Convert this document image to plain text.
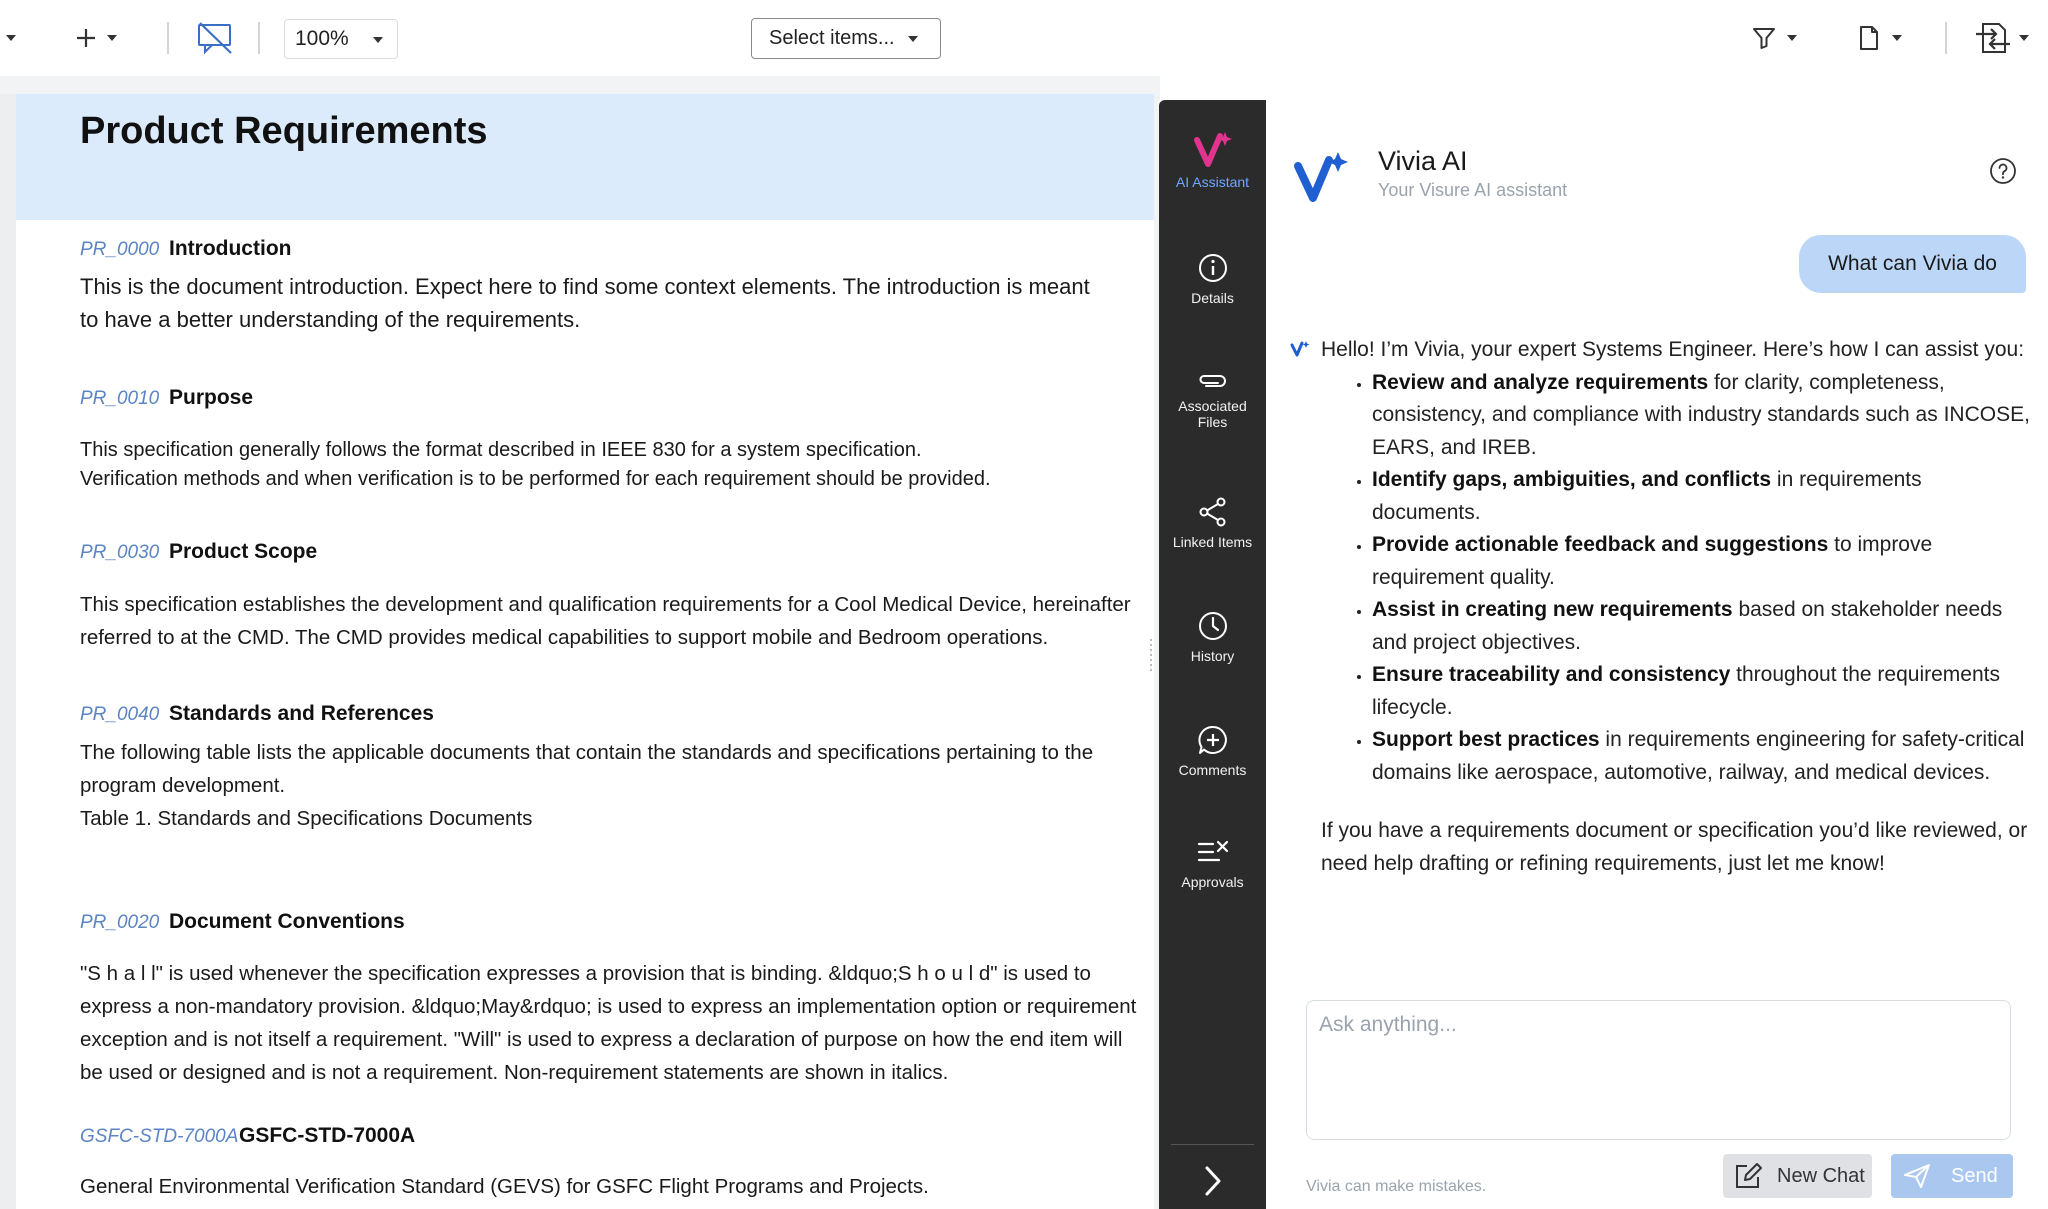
100%	Select items...
Product Requirements
PR_0000 Introduction
This is the document introduction. Expect here to find some context elements. The introduction is meant
to have a better understanding of the requirements.
PR_0010 Purpose
This specification generally follows the format described in IEEE 830 for a system specification.
Verification methods and when verification is to be performed for each requirement should be provided.
PR_0030 Product Scope
This specification establishes the development and qualification requirements for a Cool Medical Device, hereinafter
referred to at the CMD. The CMD provides medical capabilities to support mobile and Bedroom operations.
PR_0040 Standards and References
The following table lists the applicable documents that contain the standards and specifications pertaining to the
program development.
Table 1. Standards and Specifications Documents
PR_0020 Document Conventions
"S h a l l" is used whenever the specification expresses a provision that is binding. &ldquo;S h o u l d" is used to
express a non-mandatory provision. &ldquo;May&rdquo; is used to express an implementation option or requirement
exception and is not itself a requirement. "Will" is used to express a declaration of purpose on how the end item will
be used or designed and is not a requirement. Non-requirement statements are shown in italics.
GSFC-STD-7000A GSFC-STD-7000A
General Environmental Verification Standard (GEVS) for GSFC Flight Programs and Projects.
AI Assistant
Details
Associated Files
Linked Items
History
Comments
Approvals
Vivia AI
Your Visure AI assistant
What can Vivia do
Hello! I’m Vivia, your expert Systems Engineer. Here’s how I can assist you:
• Review and analyze requirements for clarity, completeness, consistency, and compliance with industry standards such as INCOSE, EARS, and IREB.
• Identify gaps, ambiguities, and conflicts in requirements documents.
• Provide actionable feedback and suggestions to improve requirement quality.
• Assist in creating new requirements based on stakeholder needs and project objectives.
• Ensure traceability and consistency throughout the requirements lifecycle.
• Support best practices in requirements engineering for safety-critical domains like aerospace, automotive, railway, and medical devices.
If you have a requirements document or specification you’d like reviewed, or need help drafting or refining requirements, just let me know!
Ask anything...
Vivia can make mistakes.	New Chat	Send
